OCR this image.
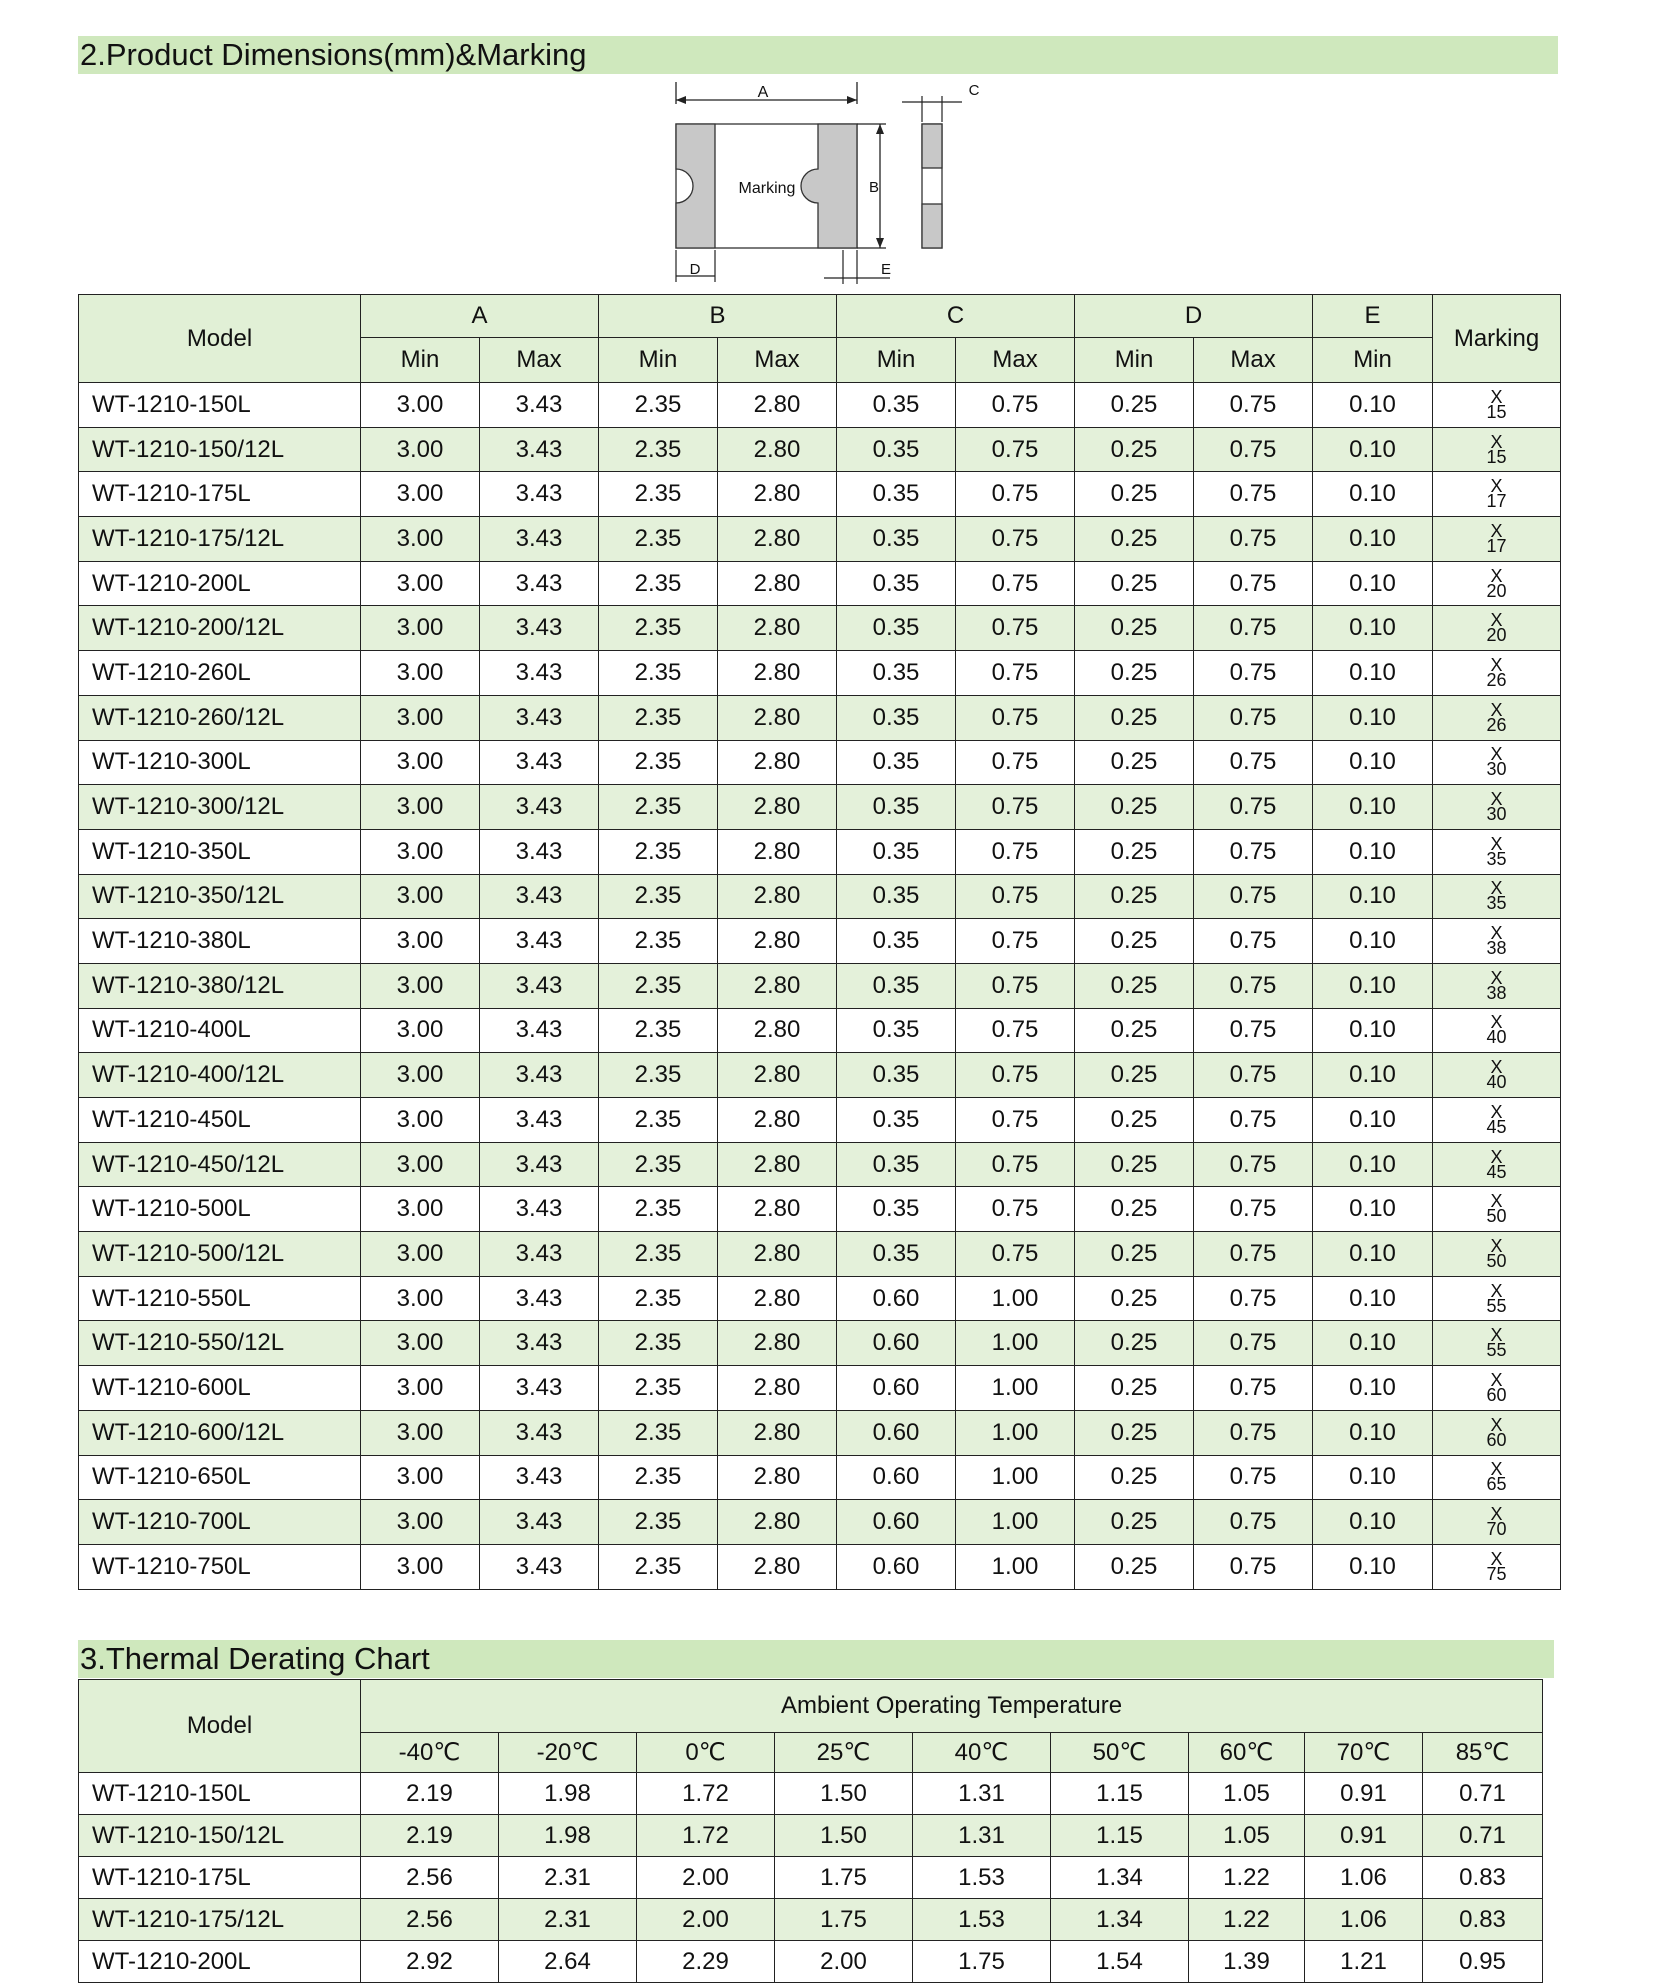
2.Product Dimensions(mm)&Marking
A
Marking	B
D	E
C
Model	A		B		C		D		E	Marking
	Min	Max	Min	Max	Min	Max	Min	Max	Min	
WT-1210-150L	3.00	3.43	2.35	2.80	0.35	0.75	0.25	0.75	0.10	X
15

WT-1210-150/12L	3.00	3.43	2.35	2.80	0.35	0.75	0.25	0.75	0.10	X
15

WT-1210-175L	3.00	3.43	2.35	2.80	0.35	0.75	0.25	0.75	0.10	X
17

WT-1210-175/12L	3.00	3.43	2.35	2.80	0.35	0.75	0.25	0.75	0.10	X
17

WT-1210-200L	3.00	3.43	2.35	2.80	0.35	0.75	0.25	0.75	0.10	X
20

WT-1210-200/12L	3.00	3.43	2.35	2.80	0.35	0.75	0.25	0.75	0.10	X
20

WT-1210-260L	3.00	3.43	2.35	2.80	0.35	0.75	0.25	0.75	0.10	X
26

WT-1210-260/12L	3.00	3.43	2.35	2.80	0.35	0.75	0.25	0.75	0.10	X
26

WT-1210-300L	3.00	3.43	2.35	2.80	0.35	0.75	0.25	0.75	0.10	X
30

WT-1210-300/12L	3.00	3.43	2.35	2.80	0.35	0.75	0.25	0.75	0.10	X
30

WT-1210-350L	3.00	3.43	2.35	2.80	0.35	0.75	0.25	0.75	0.10	X
35

WT-1210-350/12L	3.00	3.43	2.35	2.80	0.35	0.75	0.25	0.75	0.10	X
35

WT-1210-380L	3.00	3.43	2.35	2.80	0.35	0.75	0.25	0.75	0.10	X
38

WT-1210-380/12L	3.00	3.43	2.35	2.80	0.35	0.75	0.25	0.75	0.10	X
38

WT-1210-400L	3.00	3.43	2.35	2.80	0.35	0.75	0.25	0.75	0.10	X
40

WT-1210-400/12L	3.00	3.43	2.35	2.80	0.35	0.75	0.25	0.75	0.10	X
40

WT-1210-450L	3.00	3.43	2.35	2.80	0.35	0.75	0.25	0.75	0.10	X
45

WT-1210-450/12L	3.00	3.43	2.35	2.80	0.35	0.75	0.25	0.75	0.10	X
45

WT-1210-500L	3.00	3.43	2.35	2.80	0.35	0.75	0.25	0.75	0.10	X
50

WT-1210-500/12L	3.00	3.43	2.35	2.80	0.35	0.75	0.25	0.75	0.10	X
50

WT-1210-550L	3.00	3.43	2.35	2.80	0.60	1.00	0.25	0.75	0.10	X
55

WT-1210-550/12L	3.00	3.43	2.35	2.80	0.60	1.00	0.25	0.75	0.10	X
55

WT-1210-600L	3.00	3.43	2.35	2.80	0.60	1.00	0.25	0.75	0.10	X
60

WT-1210-600/12L	3.00	3.43	2.35	2.80	0.60	1.00	0.25	0.75	0.10	X
60

WT-1210-650L	3.00	3.43	2.35	2.80	0.60	1.00	0.25	0.75	0.10	X
65

WT-1210-700L	3.00	3.43	2.35	2.80	0.60	1.00	0.25	0.75	0.10	X
70

WT-1210-750L	3.00	3.43	2.35	2.80	0.60	1.00	0.25	0.75	0.10	X
75
3.Thermal Derating Chart
Model	Ambient Operating Temperature								
	-40℃	-20℃	0℃	25℃	40℃	50℃	60℃	70℃	85℃
WT-1210-150L	2.19	1.98	1.72	1.50	1.31	1.15	1.05	0.91	0.71
WT-1210-150/12L	2.19	1.98	1.72	1.50	1.31	1.15	1.05	0.91	0.71
WT-1210-175L	2.56	2.31	2.00	1.75	1.53	1.34	1.22	1.06	0.83
WT-1210-175/12L	2.56	2.31	2.00	1.75	1.53	1.34	1.22	1.06	0.83
WT-1210-200L	2.92	2.64	2.29	2.00	1.75	1.54	1.39	1.21	0.95
